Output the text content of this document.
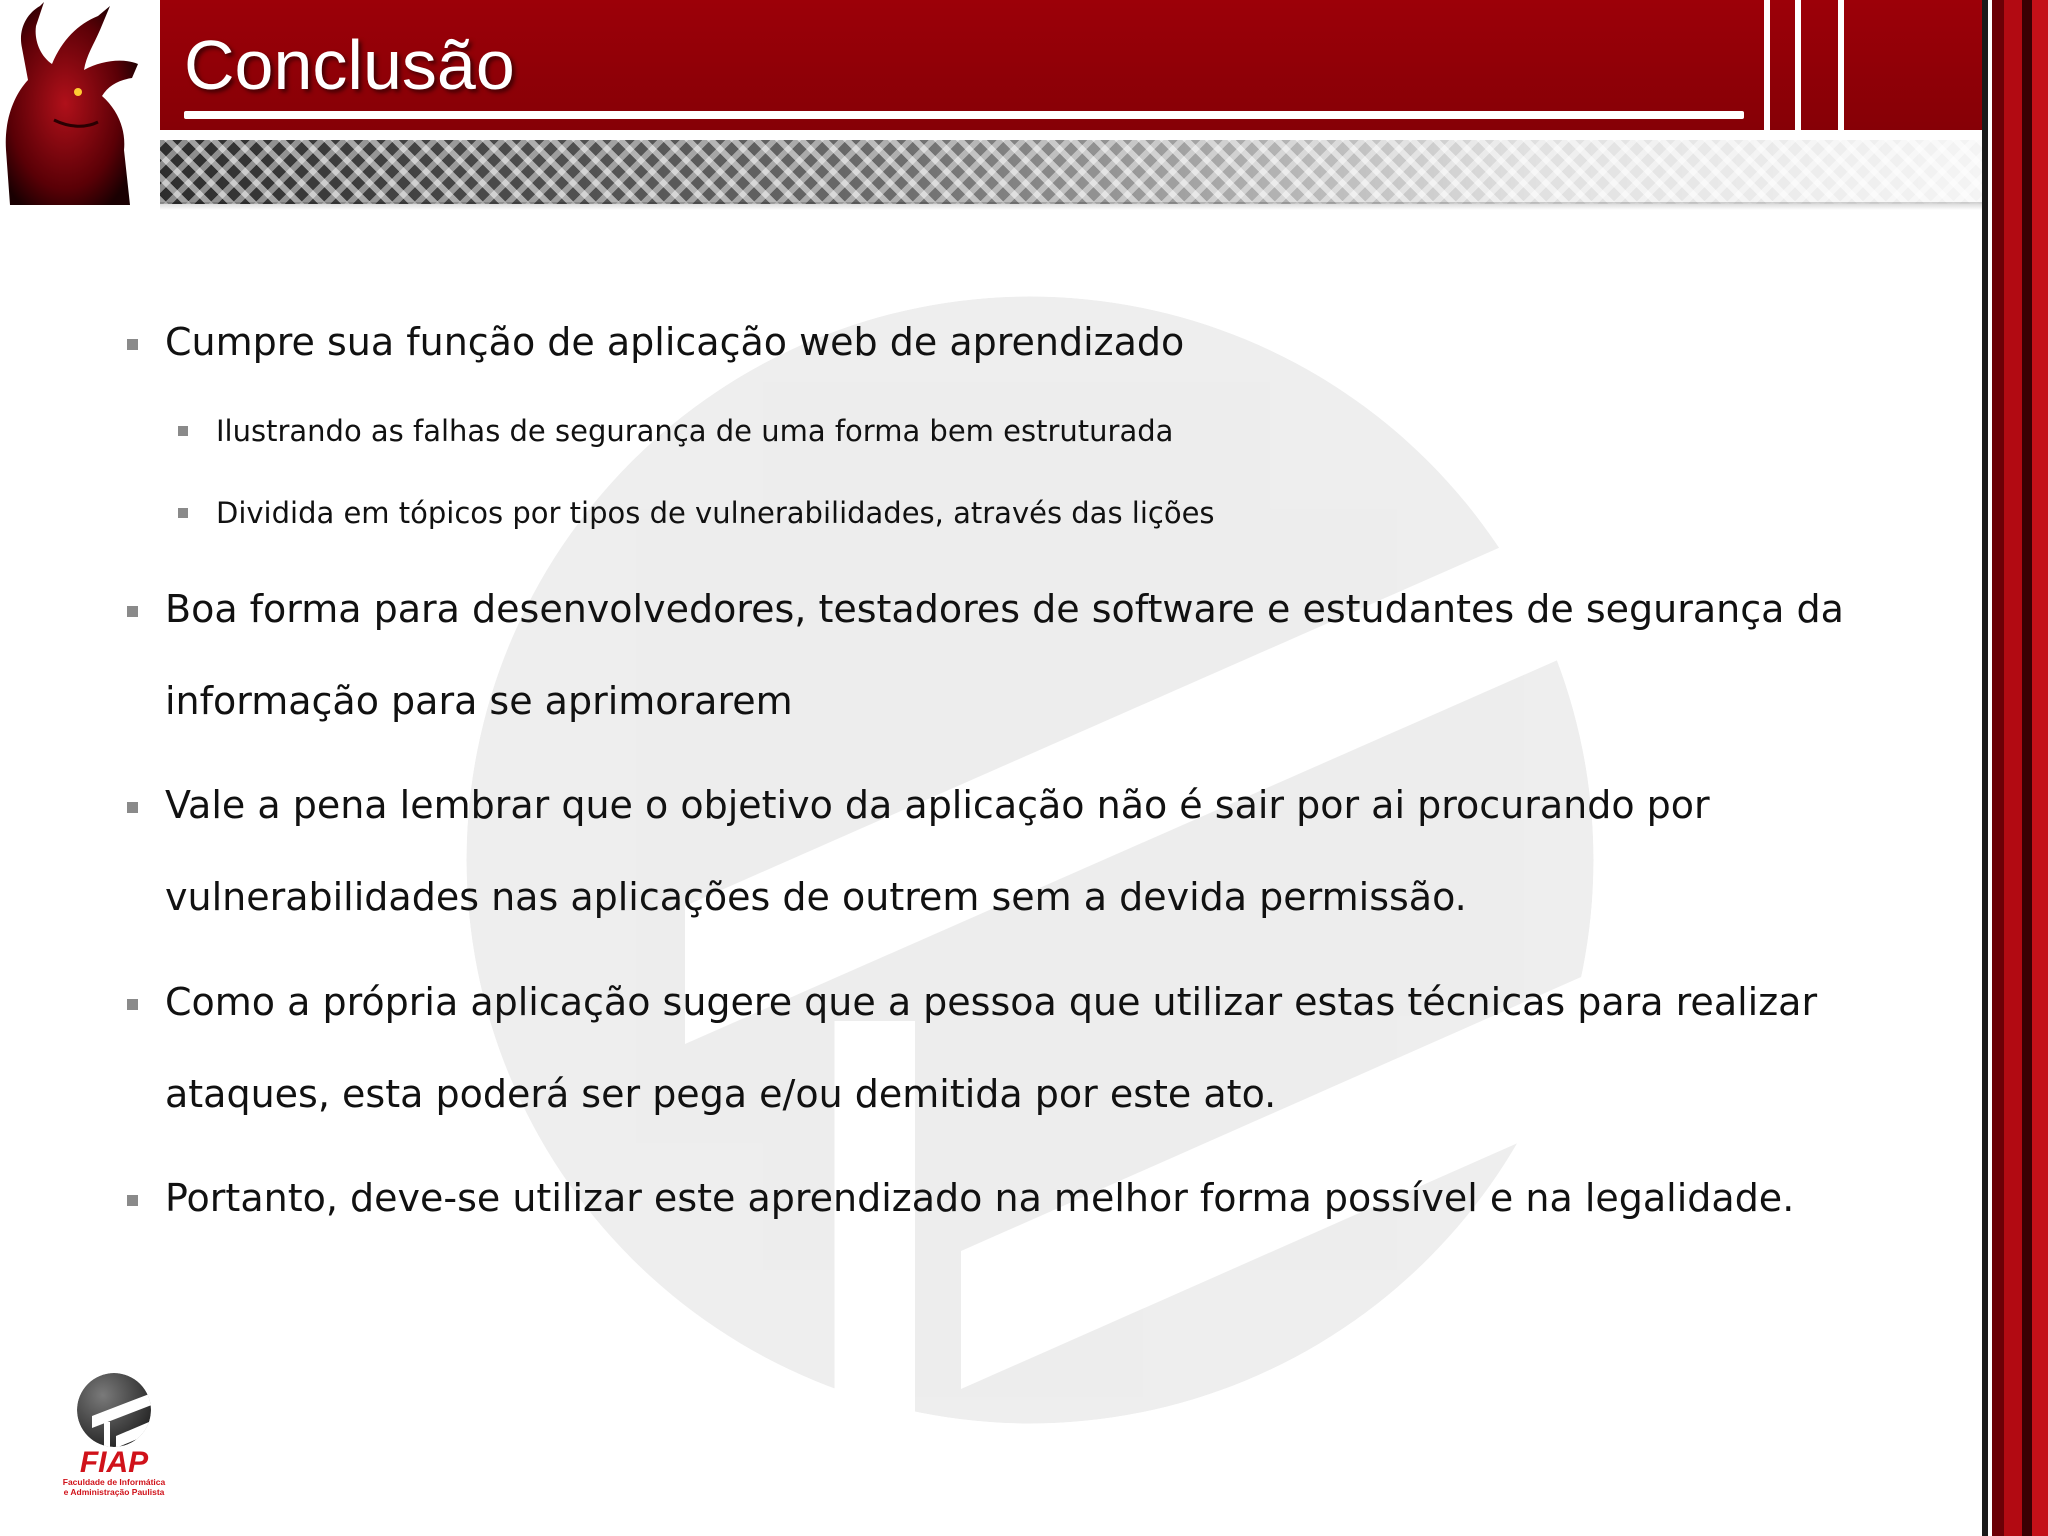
Conclusão

Cumpre sua função de aplicação web de aprendizado

Ilustrando as falhas de segurança de uma forma bem estruturada

Dividida em tópicos por tipos de vulnerabilidades, através das lições

Boa forma para desenvolvedores, testadores de software e estudantes de segurança da informação para se aprimorarem

Vale a pena lembrar que o objetivo da aplicação não é sair por ai procurando por vulnerabilidades nas aplicações de outrem sem a devida permissão.

Como a própria aplicação sugere que a pessoa que utilizar estas técnicas para realizar ataques, esta poderá ser pega e/ou demitida por este ato.

Portanto, deve-se utilizar este aprendizado na melhor forma possível e na legalidade.

FIAP
Faculdade de Informática
e Administração Paulista
